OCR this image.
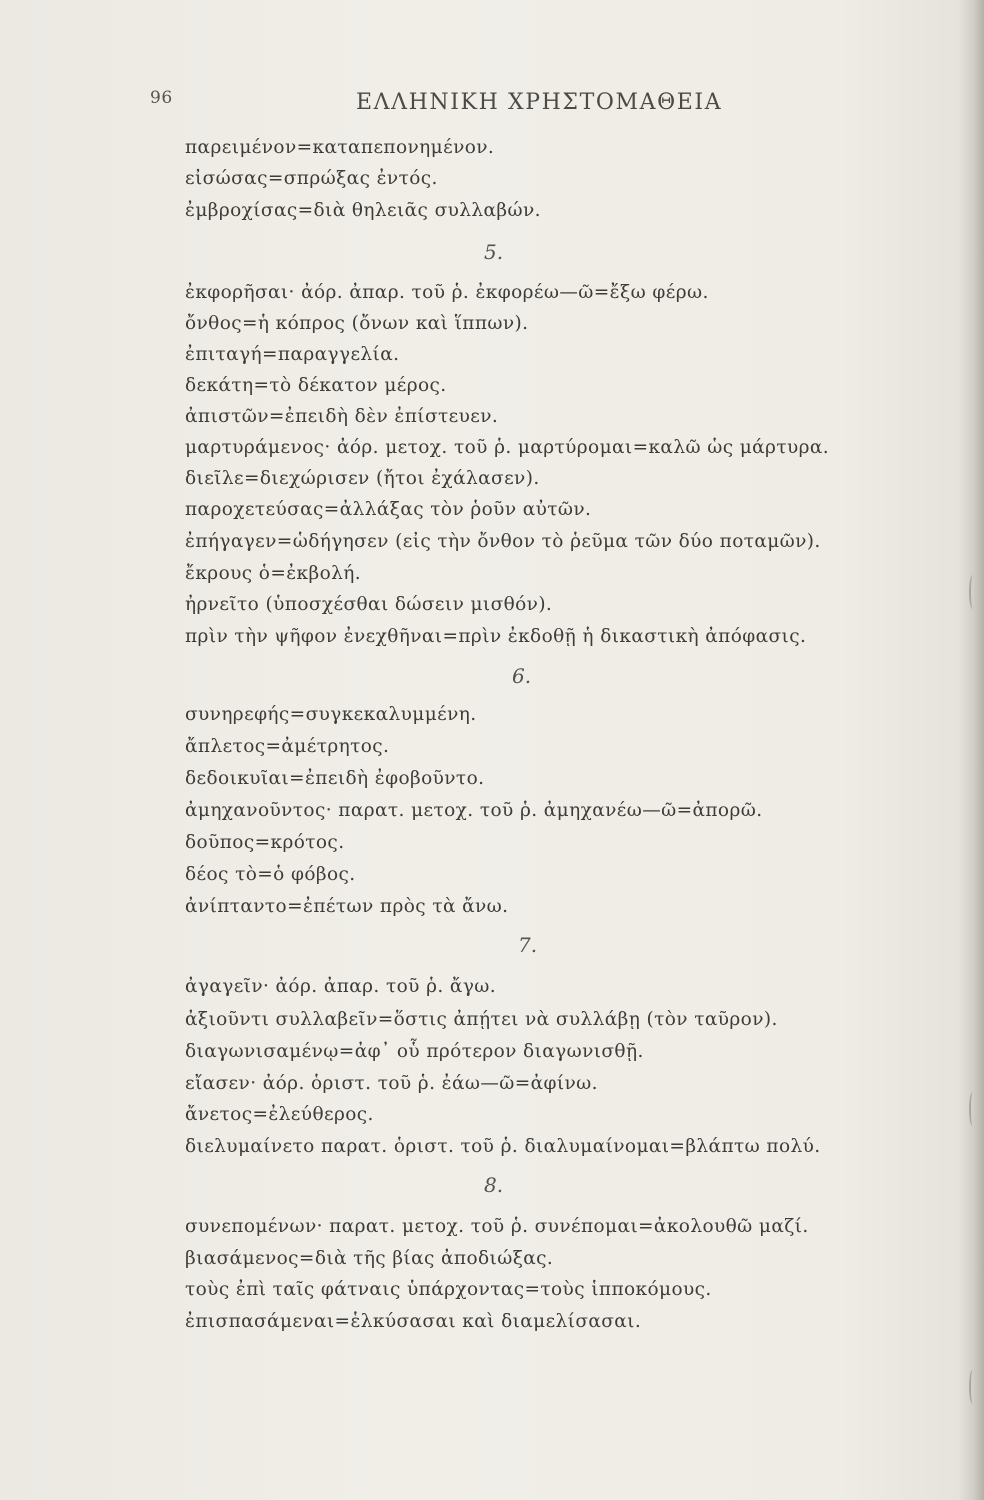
96	ΕΛΛΗΝΙΚΗ ΧΡΗΣΤΟΜΑΘΕΙΑ
παρειμένον=καταπεπονημένον.
εἰσώσας=σπρώξας ἐντός.
ἐμβροχίσας=διὰ θηλειᾶς συλλαβών.
5.
ἐκφορῆσαι· ἀόρ. ἀπαρ. τοῦ ῥ. ἐκφορέω—ῶ=ἔξω φέρω.
ὄνθος=ἡ κόπρος (ὄνων καὶ ἵππων).
ἐπιταγή=παραγγελία.
δεκάτη=τὸ δέκατον μέρος.
ἀπιστῶν=ἐπειδὴ δὲν ἐπίστευεν.
μαρτυράμενος· ἀόρ. μετοχ. τοῦ ῥ. μαρτύρομαι=καλῶ ὡς μάρτυρα.
διεῖλε=διεχώρισεν (ἤτοι ἐχάλασεν).
παροχετεύσας=ἀλλάξας τὸν ῥοῦν αὐτῶν.
ἐπήγαγεν=ὡδήγησεν (εἰς τὴν ὄνθον τὸ ῥεῦμα τῶν δύο ποταμῶν).
ἔκρους ὁ=ἐκβολή.
ἠρνεῖτο (ὑποσχέσθαι δώσειν μισθόν).
πρὶν τὴν ψῆφον ἐνεχθῆναι=πρὶν ἐκδοθῇ ἡ δικαστικὴ ἀπόφασις.
6.
συνηρεφής=συγκεκαλυμμένη.
ἄπλετος=ἀμέτρητος.
δεδοικυῖαι=ἐπειδὴ ἐφοβοῦντο.
ἀμηχανοῦντος· παρατ. μετοχ. τοῦ ῥ. ἀμηχανέω—ῶ=ἀπορῶ.
δοῦπος=κρότος.
δέος τὸ=ὁ φόβος.
ἀνίπταντο=ἐπέτων πρὸς τὰ ἄνω.
7.
ἀγαγεῖν· ἀόρ. ἀπαρ. τοῦ ῥ. ἄγω.
ἀξιοῦντι συλλαβεῖν=ὅστις ἀπῄτει νὰ συλλάβῃ (τὸν ταῦρον).
διαγωνισαμένῳ=ἀφ᾽ οὗ πρότερον διαγωνισθῇ.
εἴασεν· ἀόρ. ὁριστ. τοῦ ῥ. ἐάω—ῶ=ἀφίνω.
ἄνετος=ἐλεύθερος.
διελυμαίνετο παρατ. ὁριστ. τοῦ ῥ. διαλυμαίνομαι=βλάπτω πολύ.
8.
συνεπομένων· παρατ. μετοχ. τοῦ ῥ. συνέπομαι=ἀκολουθῶ μαζί.
βιασάμενος=διὰ τῆς βίας ἀποδιώξας.
τοὺς ἐπὶ ταῖς φάτναις ὑπάρχοντας=τοὺς ἱπποκόμους.
ἐπισπασάμεναι=ἑλκύσασαι καὶ διαμελίσασαι.
